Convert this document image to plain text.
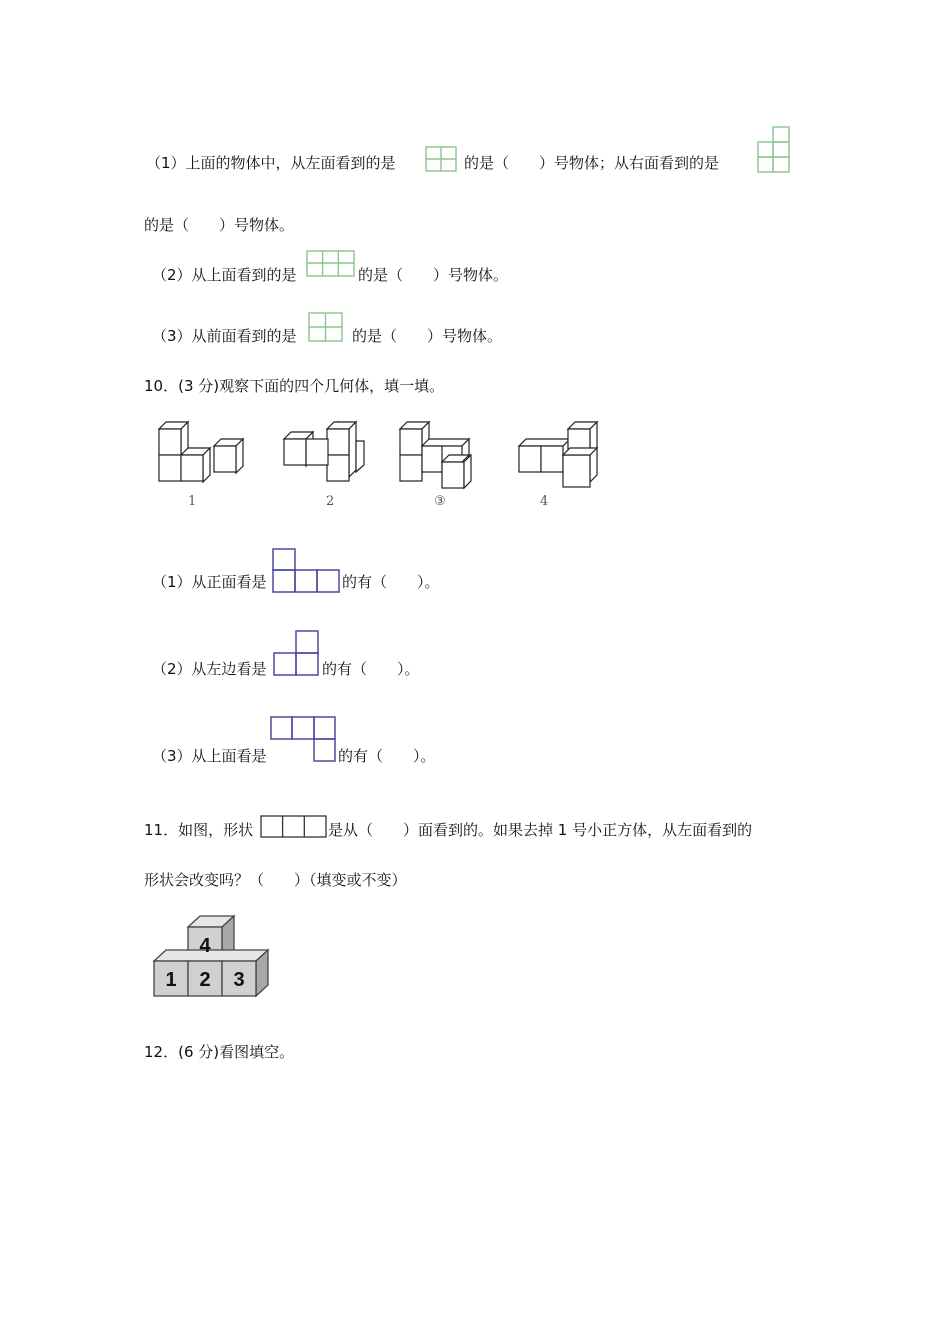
（1）上面的物体中，从左面看到的是	的是（　　）号物体；从右面看到的是
的是（　　）号物体。
（2）从上面看到的是	的是（　　）号物体。
（3）从前面看到的是	的是（　　）号物体。
10．(3 分)观察下面的四个几何体，填一填。
1	2	③	4
（1）从正面看是	的有（　　）。
（2）从左边看是	的有（　　）。
（3）从上面看是	的有（　　）。
11．如图，形状	是从（　　）面看到的。如果去掉 1 号小正方体，从左面看到的
形状会改变吗？（　　）（填变或不变）
4
1 2 3
12．(6 分)看图填空。
